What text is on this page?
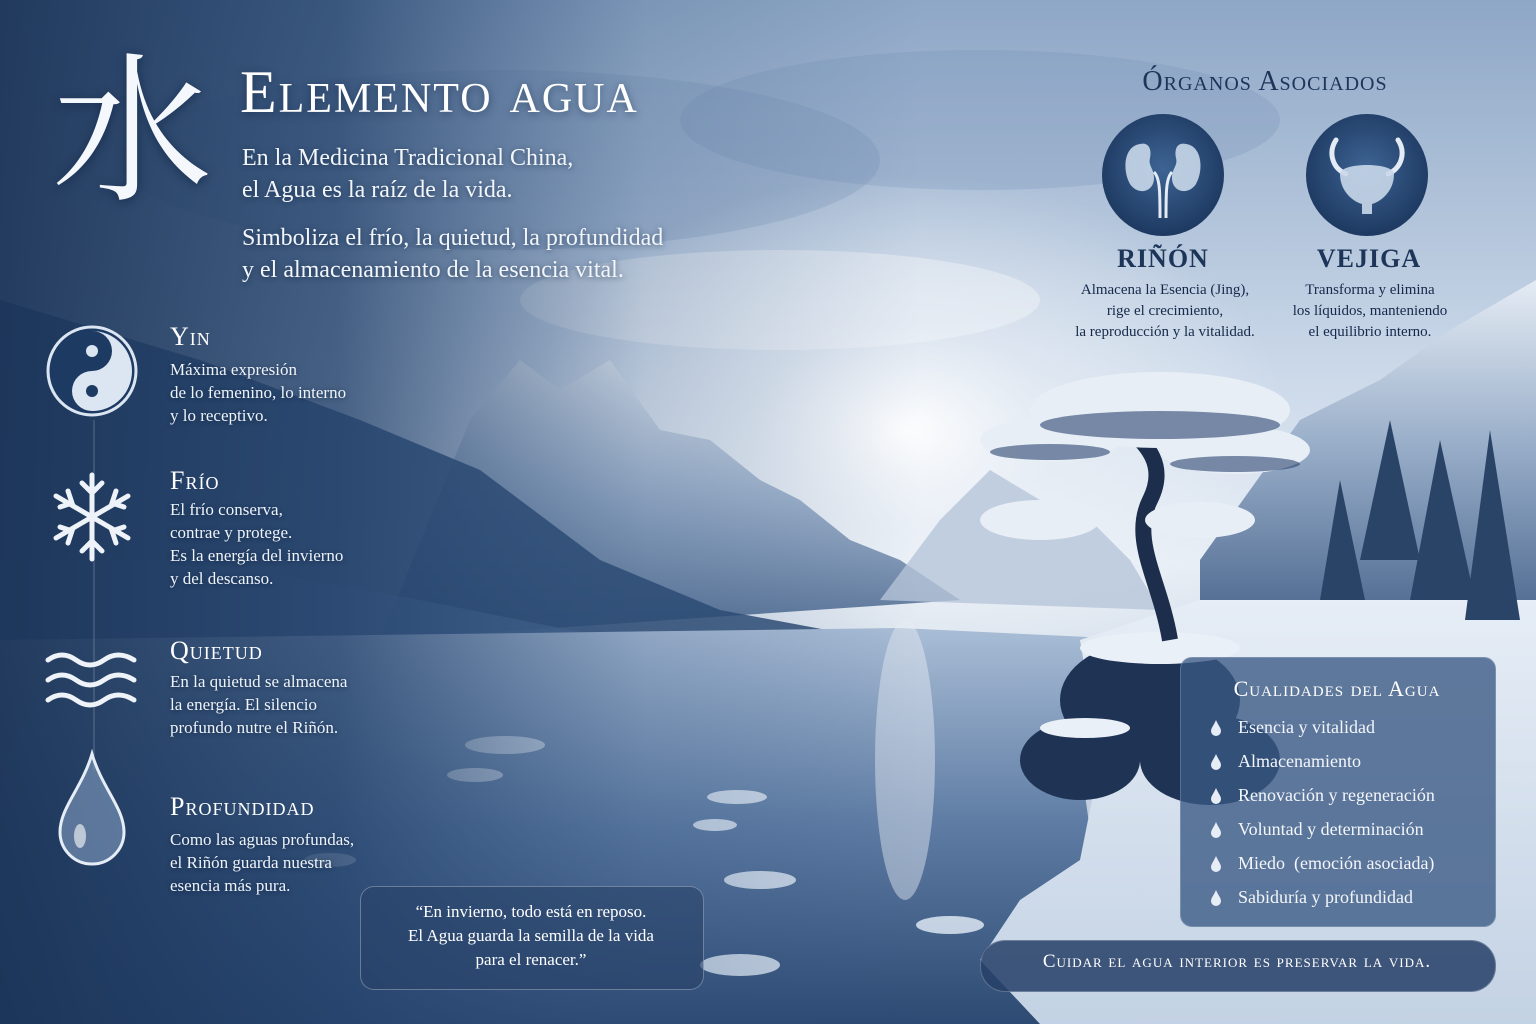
水 Elemento agua
En la Medicina Tradicional China,
el Agua es la raíz de la vida.
Simboliza el frío, la quietud, la profundidad
y el almacenamiento de la esencia vital.
Yin
Máxima expresión
de lo femenino, lo interno
y lo receptivo.
Frío
El frío conserva,
contrae y protege.
Es la energía del invierno
y del descanso.
Quietud
En la quietud se almacena
la energía. El silencio
profundo nutre el Riñón.
Profundidad
Como las aguas profundas,
el Riñón guarda nuestra
esencia más pura.
Órganos Asociados
RIÑÓN
Almacena la Esencia (Jing),
rige el crecimiento,
la reproducción y la vitalidad.
VEJIGA
Transforma y elimina
los líquidos, manteniendo
el equilibrio interno.
Cualidades del Agua
Esencia y vitalidad
Almacenamiento
Renovación y regeneración
Voluntad y determinación
Miedo  (emoción asociada)
Sabiduría y profundidad
“En invierno, todo está en reposo.
El Agua guarda la semilla de la vida
para el renacer.”	Cuidar el agua interior es preservar la vida.
